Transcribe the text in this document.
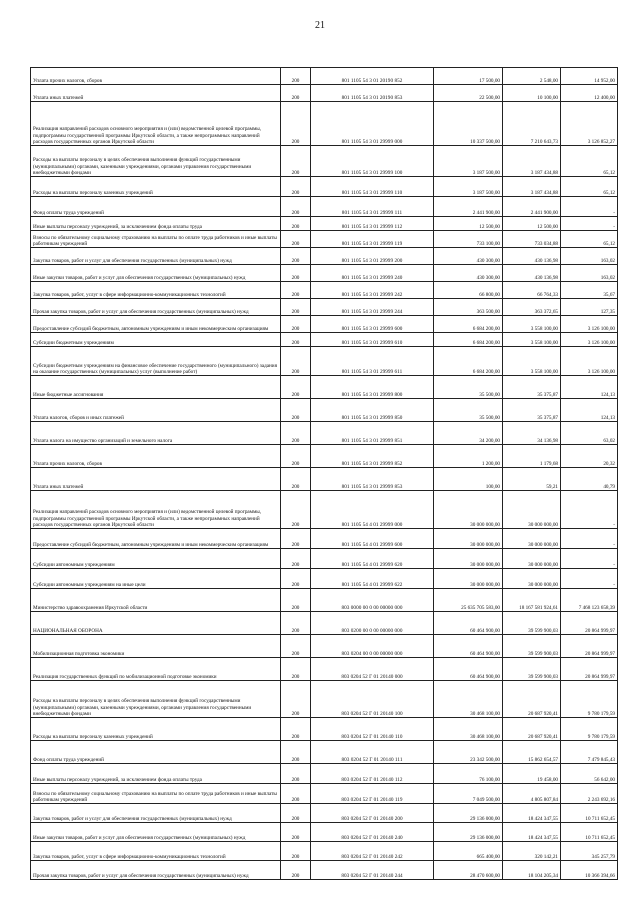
21
Уплата прочих налогов, сборов	200	801 1105 54 3 01 20190 852	17 500,00	2 548,00	14 952,00
Уплата иных платежей	200	801 1105 54 3 01 20190 853	22 500,00	10 100,00	12 400,00
Реализация направлений расходов основного мероприятия и (или) ведомственной целевой программы, подпрограммы государственной программы Иркутской области, а также непрограммных направлений расходов государственных органов Иркутской области	200	801 1105 54 3 01 29999 000	10 337 500,00	7 210 643,73	3 126 852,27
Расходы на выплаты персоналу в целях обеспечения выполнения функций государственными (муниципальными) органами, казенными учреждениями, органами управления государственными внебюджетными фондами	200	801 1105 54 3 01 29999 100	3 187 500,00	3 187 434,88	65,12
Расходы на выплаты персоналу казенных учреждений	200	801 1105 54 3 01 29999 110	3 187 500,00	3 187 434,88	65,12
Фонд оплаты труда учреждений	200	801 1105 54 3 01 29999 111	2 441 900,00	2 441 900,00	-
Иные выплаты персоналу учреждений, за исключением фонда оплаты труда	200	801 1105 54 3 01 29999 112	12 500,00	12 500,00	-
Взносы по обязательному социальному страхованию на выплаты по оплате труда работников и иные выплаты работникам учреждений	200	801 1105 54 3 01 29999 119	733 100,00	733 034,88	65,12
Закупка товаров, работ и услуг для обеспечения государственных (муниципальных) нужд	200	801 1105 54 3 01 29999 200	430 300,00	430 136,98	163,02
Иные закупки товаров, работ и услуг для обеспечения государственных (муниципальных) нужд	200	801 1105 54 3 01 29999 240	430 300,00	430 136,98	163,02
Закупка товаров, работ, услуг в сфере информационно-коммуникационных технологий	200	801 1105 54 3 01 29999 242	66 800,00	66 764,33	35,67
Прочая закупка товаров, работ и услуг для обеспечения государственных (муниципальных) нужд	200	801 1105 54 3 01 29999 244	363 500,00	363 372,65	127,35
Предоставление субсидий бюджетным, автономным учреждениям и иным некоммерческим организациям	200	801 1105 54 3 01 29999 600	6 684 200,00	3 558 100,00	3 126 100,00
Субсидии бюджетным учреждениям	200	801 1105 54 3 01 29999 610	6 684 200,00	3 558 100,00	3 126 100,00
Субсидии бюджетным учреждениям на финансовое обеспечение государственного (муниципального) задания на оказание государственных (муниципальных) услуг (выполнение работ)	200	801 1105 54 3 01 29999 611	6 684 200,00	3 558 100,00	3 126 100,00
Иные бюджетные ассигнования	200	801 1105 54 3 01 29999 800	35 500,00	35 375,87	124,13
Уплата налогов, сборов и иных платежей	200	801 1105 54 3 01 29999 850	35 500,00	35 375,87	124,13
Уплата налога на имущество организаций и земельного налога	200	801 1105 54 3 01 29999 851	34 200,00	34 136,98	63,02
Уплата прочих налогов, сборов	200	801 1105 54 3 01 29999 852	1 200,00	1 179,68	20,32
Уплата иных платежей	200	801 1105 54 3 01 29999 853	100,00	59,21	40,79
Реализация направлений расходов основного мероприятия и (или) ведомственной целевой программы, подпрограммы государственной программы Иркутской области, а также непрограммных направлений расходов государственных органов Иркутской области	200	801 1105 54 4 01 29999 000	30 000 000,00	30 000 000,00	-
Предоставление субсидий бюджетным, автономным учреждениям и иным некоммерческим организациям	200	801 1105 54 4 01 29999 600	30 000 000,00	30 000 000,00	-
Субсидии автономным учреждениям	200	801 1105 54 4 01 29999 620	30 000 000,00	30 000 000,00	-
Субсидии автономным учреждениям на иные цели	200	801 1105 54 4 01 29999 622	30 000 000,00	30 000 000,00	-
Министерство здравоохранения Иркутской области	200	803 0000 00 0 00 00000 000	25 635 705 583,00	18 167 581 924,61	7 468 123 658,39
НАЦИОНАЛЬНАЯ ОБОРОНА	200	803 0200 00 0 00 00000 000	60 464 900,00	39 599 900,03	20 864 999,97
Мобилизационная подготовка экономики	200	803 0204 00 0 00 00000 000	60 464 900,00	39 599 900,03	20 864 999,97
Реализация государственных функций по мобилизационной подготовке экономики	200	803 0204 52 Г 01 20140 000	60 464 900,00	39 599 900,03	20 864 999,97
Расходы на выплаты персоналу в целях обеспечения выполнения функций государственными (муниципальными) органами, казенными учреждениями, органами управления государственными внебюджетными фондами	200	803 0204 52 Г 01 20140 100	30 468 100,00	20 687 920,41	9 780 179,59
Расходы на выплаты персоналу казенных учреждений	200	803 0204 52 Г 01 20140 110	30 468 100,00	20 687 920,41	9 780 179,59
Фонд оплаты труда учреждений	200	803 0204 52 Г 01 20140 111	23 342 500,00	15 862 654,57	7 479 845,43
Иные выплаты персоналу учреждений, за исключением фонда оплаты труда	200	803 0204 52 Г 01 20140 112	76 100,00	19 458,00	56 642,00
Взносы по обязательному социальному страхованию на выплаты по оплате труда работников и иные выплаты работникам учреждений	200	803 0204 52 Г 01 20140 119	7 049 500,00	4 805 807,84	2 243 692,16
Закупка товаров, работ и услуг для обеспечения государственных (муниципальных) нужд	200	803 0204 52 Г 01 20140 200	29 136 000,00	18 424 347,55	10 711 652,45
Иные закупки товаров, работ и услуг для обеспечения государственных (муниципальных) нужд	200	803 0204 52 Г 01 20140 240	29 136 000,00	18 424 347,55	10 711 652,45
Закупка товаров, работ, услуг в сфере информационно-коммуникационных технологий	200	803 0204 52 Г 01 20140 242	665 400,00	320 142,21	345 257,79
Прочая закупка товаров, работ и услуг для обеспечения государственных (муниципальных) нужд	200	803 0204 52 Г 01 20140 244	28 470 600,00	18 104 205,34	10 366 394,66
